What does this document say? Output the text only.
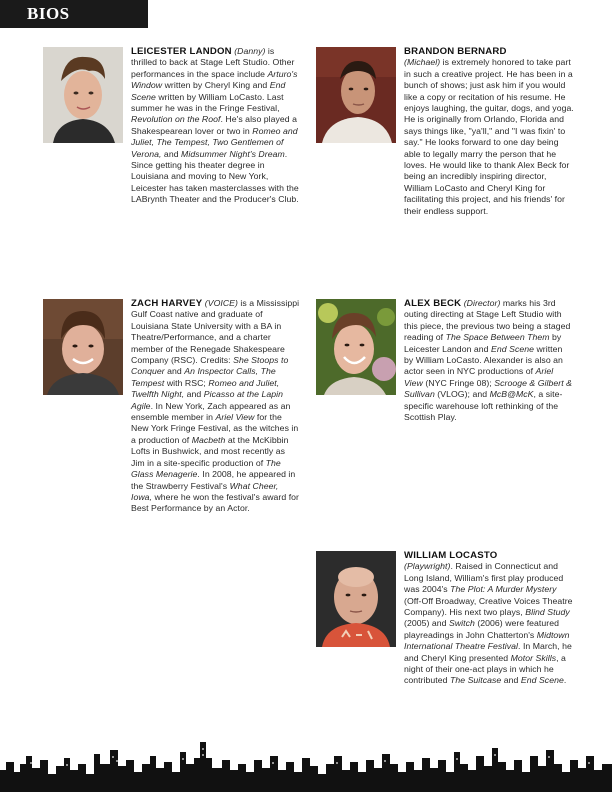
BIOS

LEICESTER LANDON (Danny) is thrilled to back at Stage Left Studio. Other performances in the space include Arturo's Window written by Cheryl King and End Scene written by William LoCasto. Last summer he was in the Fringe Festival, Revolution on the Roof. He's also played a Shakespearean lover or two in Romeo and Juliet, The Tempest, Two Gentlemen of Verona, and Midsummer Night's Dream. Since getting his theater degree in Louisiana and moving to New York, Leicester has taken masterclasses with the LABrynth Theater and the Producer's Club.

BRANDON BERNARD
(Michael) is extremely honored to take part in such a creative project. He has been in a bunch of shows; just ask him if you would like a copy or recitation of his resume. He enjoys laughing, the guitar, dogs, and yoga. He is originally from Orlando, Florida and says things like, "ya'll," and "I was fixin' to say." He looks forward to one day being able to legally marry the person that he loves. He would like to thank Alex Beck for being an incredibly inspiring director, William LoCasto and Cheryl King for facilitating this project, and his friends' for their endless support.

ZACH HARVEY (VOICE) is a Mississippi Gulf Coast native and graduate of Louisiana State University with a BA in Theatre/Performance, and a charter member of the Renegade Shakespeare Company (RSC). Credits: She Stoops to Conquer and An Inspector Calls, The Tempest with RSC; Romeo and Juliet, Twelfth Night, and Picasso at the Lapin Agile. In New York, Zach appeared as an ensemble member in Ariel View for the New York Fringe Festival, as the witches in a production of Macbeth at the McKibbin Lofts in Bushwick, and most recently as Jim in a site-specific production of The Glass Menagerie. In 2008, he appeared in the Strawberry Festival's What Cheer, Iowa, where he won the festival's award for Best Performance by an Actor.

ALEX BECK (Director) marks his 3rd outing directing at Stage Left Studio with this piece, the previous two being a staged reading of The Space Between Them by Leicester Landon and End Scene written by William LoCasto. Alexander is also an actor seen in NYC productions of Ariel View (NYC Fringe 08); Scrooge & Gilbert & Sullivan (VLOG); and McB@McK, a site-specific warehouse loft rethinking of the Scottish Play.

WILLIAM LOCASTO
(Playwright). Raised in Connecticut and Long Island, William's first play produced was 2004's The Plot: A Murder Mystery (Off-Off Broadway, Creative Voices Theatre Company). His next two plays, Blind Study (2005) and Switch (2006) were featured playreadings in John Chatterton's Midtown International Theatre Festival. In March, he and Cheryl King presented Motor Skills, a night of their one-act plays in which he contributed The Suitcase and End Scene.
